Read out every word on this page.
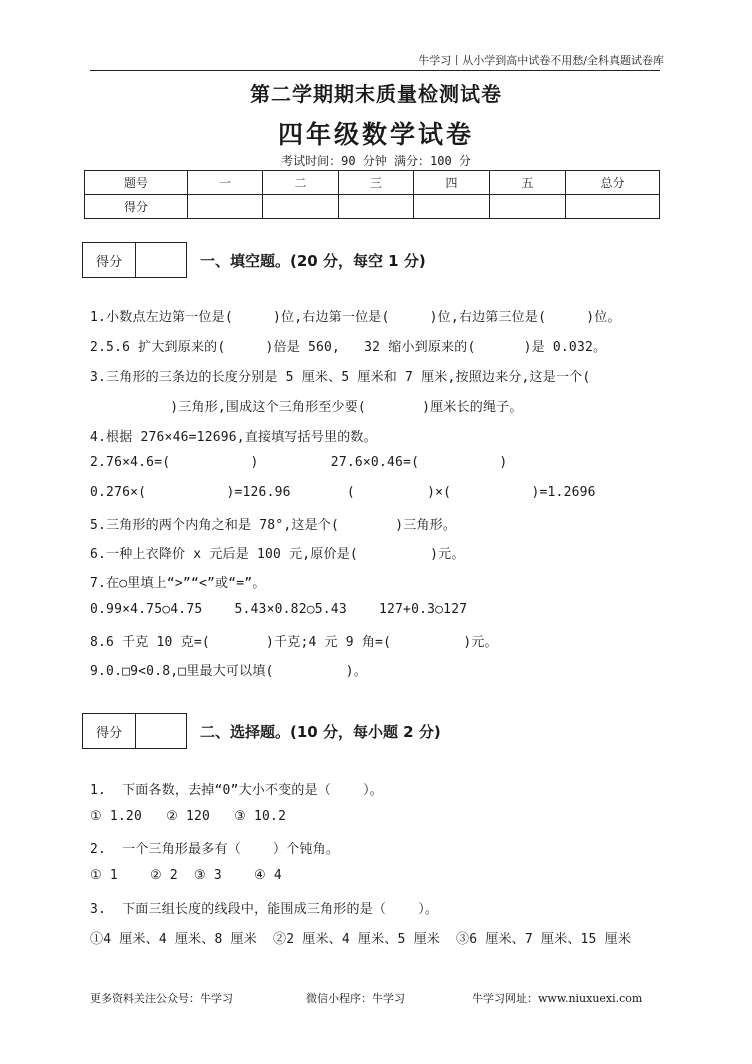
牛学习丨从小学到高中试卷不用愁/全科真题试卷库
第二学期期末质量检测试卷
四年级数学试卷
考试时间：90 分钟 满分：100 分
题号	一	二	三	四	五	总分
得分						
得分	一、填空题。(20 分，每空 1 分)
1.小数点左边第一位是(     )位,右边第一位是(     )位,右边第三位是(     )位。
2.5.6 扩大到原来的(     )倍是 560,   32 缩小到原来的(      )是 0.032。
3.三角形的三条边的长度分别是 5 厘米、5 厘米和 7 厘米,按照边来分,这是一个(
)三角形,围成这个三角形至少要(       )厘米长的绳子。
4.根据 276×46=12696,直接填写括号里的数。
2.76×4.6=(          )         27.6×0.46=(          )
0.276×(          )=126.96       (         )×(          )=1.2696
5.三角形的两个内角之和是 78°,这是个(       )三角形。
6.一种上衣降价 x 元后是 100 元,原价是(         )元。
7.在○里填上“>”“<”或“=”。
0.99×4.75○4.75    5.43×0.82○5.43    127+0.3○127
8.6 千克 10 克=(       )千克;4 元 9 角=(         )元。
9.0.□9<0.8,□里最大可以填(         )。
得分	二、选择题。(10 分，每小题 2 分)
1.  下面各数，去掉“0”大小不变的是（    ）。
① 1.20   ② 120   ③ 10.2
2.  一个三角形最多有（    ）个钝角。
① 1    ② 2  ③ 3    ④ 4
3.  下面三组长度的线段中，能围成三角形的是（    ）。
①4 厘米、4 厘米、8 厘米  ②2 厘米、4 厘米、5 厘米  ③6 厘米、7 厘米、15 厘米
更多资料关注公众号：牛学习	微信小程序：牛学习	牛学习网址：www.niuxuexi.com
